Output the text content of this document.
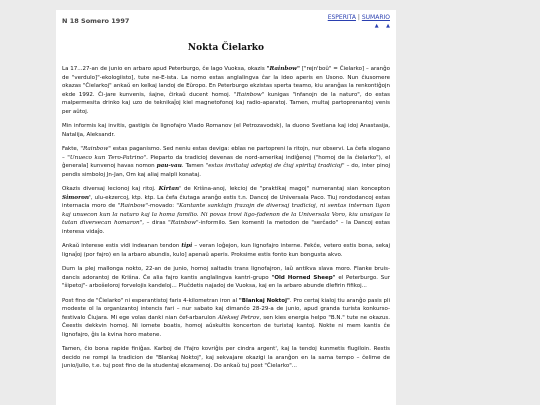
N 18 Somero 1997	ESPERITA | SUMARIO
▲ ▲
Nokta Čielarko

La 17...27-an de junio en arbaro apud Peterburgo, ĉe lago Vuoksa, okazis "Rainbow" ["rejn'boŭ" = Ĉielarko] – aranĝo de "verdulo]"-ekologiisto], tute ne-E-ista. La nomo estas anglalingva ĉar la ideo aperis en Usono. Nun ĉiusomere okazas "Ĉielarkoj" ankaŭ en kelkaj landoj de Eŭropo. En Peterburgo ekzistas sperta teamo, kiu aranĝas la renkontiĝojn ekde 1992. Ĉi-jare kunvenis, ŝajne, ĉirkaŭ ducent homoj. "Rainbow" kunigas "infanojn de la naturo", do estas malpermesita drinko kaj uzo de teknikaĵoj kiel magnetofonoj kaj radio-aparatoj. Tamen, multaj partoprenantoj venis per aŭtoj.

Min informis kaj invitis, gastigis ĉe lignofajro Vlado Romanov (el Petrozavodsk), la duono Svetlana kaj idoj Anastasija, Natalija, Aleksandr.

Fakte, "Rainbow" estas paganismo. Sed neniu estas deviga: eblas ne partopreni la ritojn, nur observi. La ĉefa slogano – "Unueco kun Tero-Patrino". Pieparto da tradicioj devenas de nord-amerikaj indiĝenoj ("homoj de la ĉielarko"), el ĝenerala] kunvenoj havas nomon pau-vau. Tamen "estas invitataj adeptoj de ĉiuj spiritaj tradicioj" – do, inter pinoj pendis simboloj Jn-Jan, Om kaj aliaj malpli konataj.

Okazis diversaj lecionoj kaj ritoj. Kirtan' de Kriŝna-anoj, lekcioj de "praktikaj magoj" numerantaj sian koncepton Simoron', ulu-ekzercoj, ktp. ktp. La ĉefa ĉiutaga aranĝo estis t.n. Dancoj de Universala Paco. Tiuj rondodancoj estas internacia moro de "Rainbow"-movado: "Kantante sanktajn frazojn de diversaj tradicioj, ni sentas internan ligon kaj unuecon kun la naturo kaj la homa familio. Ni povas trovi ligo-fadenon de la Universala Voro, kiu unuigas la tutan diversecan homaron", – diras "Rainbow"-informilo. Sen komenti la metodon de "serĉado" – la Dancoj estas interesa vidaĵo.

Ankaŭ interese estis vidi indeanan tendon tipi – veran loĝejon, kun lignofajro interne. Fekĉe, vetero estis bona, sekaj lignaĵoj (por fajro) en la arbaro abundis, kulo] apenaŭ aperis. Proksime estis fonto kun bongusta akvo.

Dum la plej mallonga nokto, 22-an de junio, homoj saltadis trans lignofajron, laŭ antikva slava moro. Flanke bruis-dancis adorantoj de Kriŝna. Ĉe alia fajro kantis anglalingva kantri-grupo "Old Horned Sheep" el Peterburgo. Sur "ŝipetoj"- arbošeloroj forvelojis kandeloj... Pluĉdetis najadoj de Vuoksa, kaj en la arbaro abunde dlefirin fifikoj...

Post fino de "Ĉielarko" ni esperantistoj faris 4-kilometran iron al "Blankaj Noktoj". Pro certaj kialoj tiu aranĝo pasis pli modeste ol la organizantoj intencis fari – nur sabato kaj dimanĉo 28-29-a de junio, apud granda turista konkurso-festivalo Ĉiujara. Mi ege volas danki nian ĉef-arbarulon Aleksej Petrov, sen kies energia helpo "B.N." tute ne okazus. Ĉeestis dekkvin homoj. Ni iomete boatis, homoj aŭskultis koncerton de turistaj kantoj. Nokte ni mem kantis ĉe lignofajro, ĝis la kvina horo matene.

Tamen, ĉio bona rapide finiĝas. Karboj de l'fajro kovriĝis per cindra argent', kaj la tendoj kunmetis flugiloin. Restis decido ne rompi la tradicion de "Blankaj Noktoj", kaj sekvajare okazigi la aranĝon en la sama tempo – ĉelime de junio/julio, t.e. tuj post fino de la studentaj ekzamenoj. Do ankaŭ tuj post "Ĉielarko"...
